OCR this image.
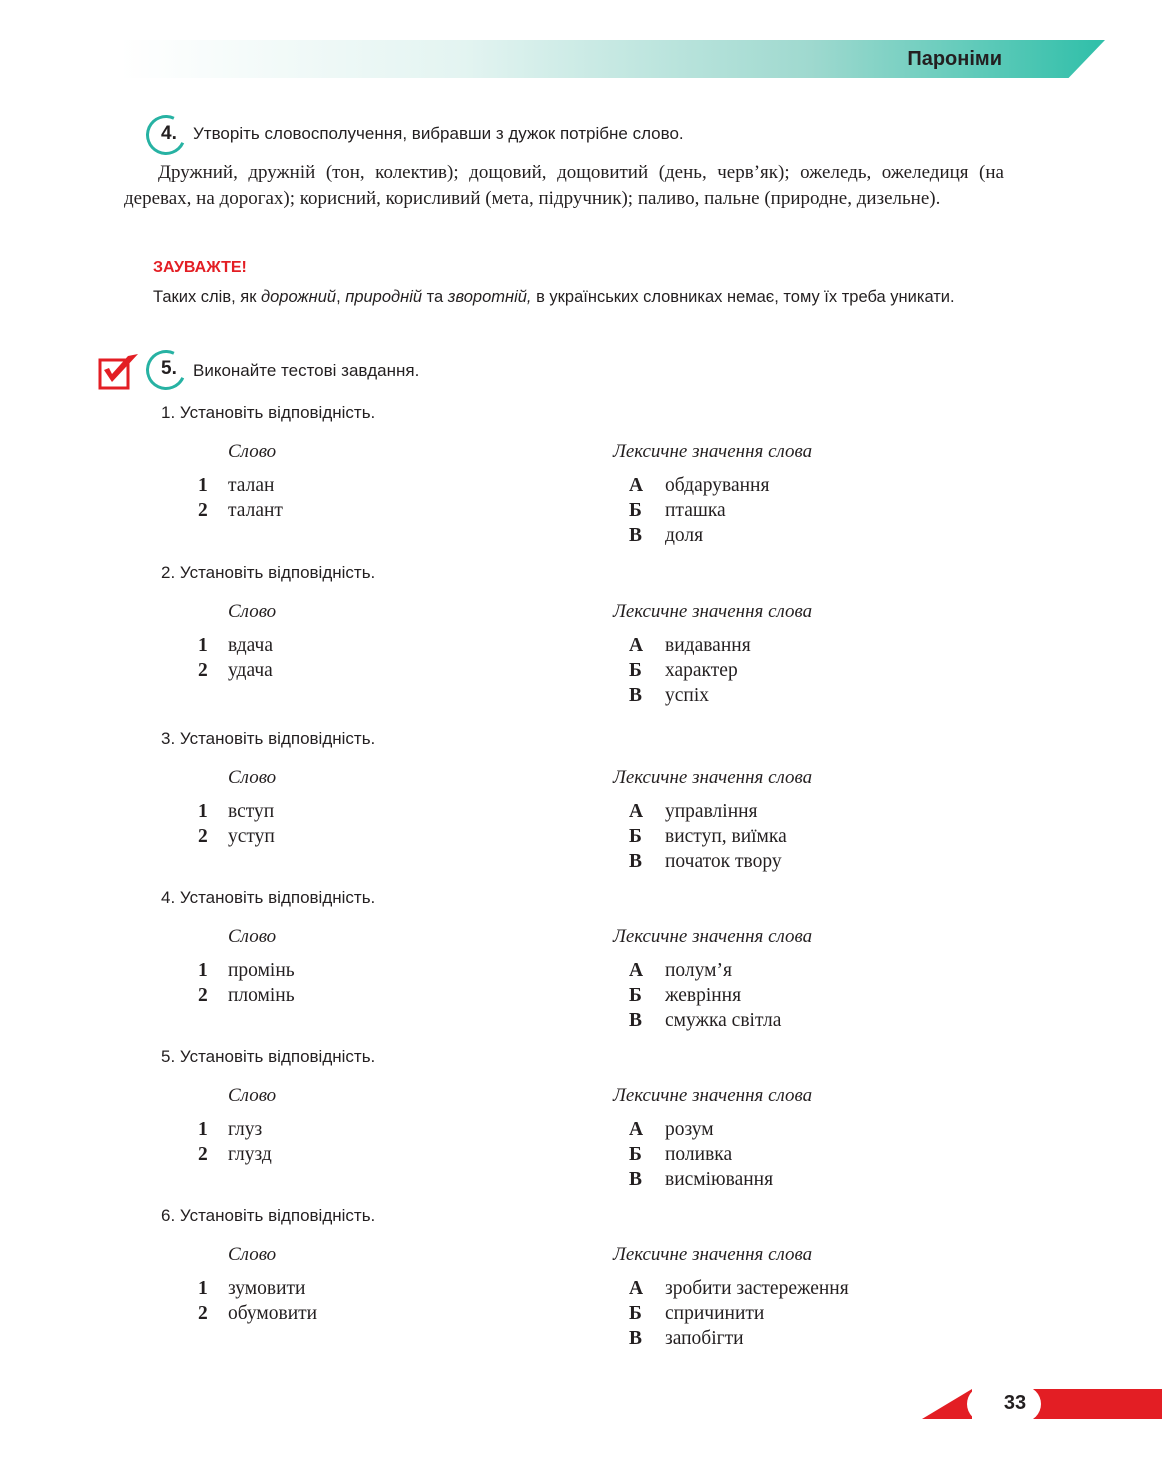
Пароніми
4. Утворіть словосполучення, вибравши з дужок потрібне слово.
Дружний, дружній (тон, колектив); дощовий, дощовитий (день, черв’як); ожеледь, ожеледиця (на деревах, на дорогах); корисний, корисливий (мета, підручник); паливо, пальне (природне, дизельне).
ЗАУВАЖТЕ!
Таких слів, як дорожний, природній та зворотній, в українських словниках немає, тому їх треба уникати.
5. Виконайте тестові завдання.
1. Установіть відповідність.
Слово	Лексичне значення слова
1 талан
2 талант
А обдарування
Б пташка
В доля
2. Установіть відповідність.
Слово	Лексичне значення слова
1 вдача
2 удача
А видавання
Б характер
В успіх
3. Установіть відповідність.
Слово	Лексичне значення слова
1 вступ
2 уступ
А управління
Б виступ, виїмка
В початок твору
4. Установіть відповідність.
Слово	Лексичне значення слова
1 промінь
2 пломінь
А полум’я
Б жевріння
В смужка світла
5. Установіть відповідність.
Слово	Лексичне значення слова
1 глуз
2 глузд
А розум
Б поливка
В висміювання
6. Установіть відповідність.
Слово	Лексичне значення слова
1 зумовити
2 обумовити
А зробити застереження
Б спричинити
В запобігти
33
